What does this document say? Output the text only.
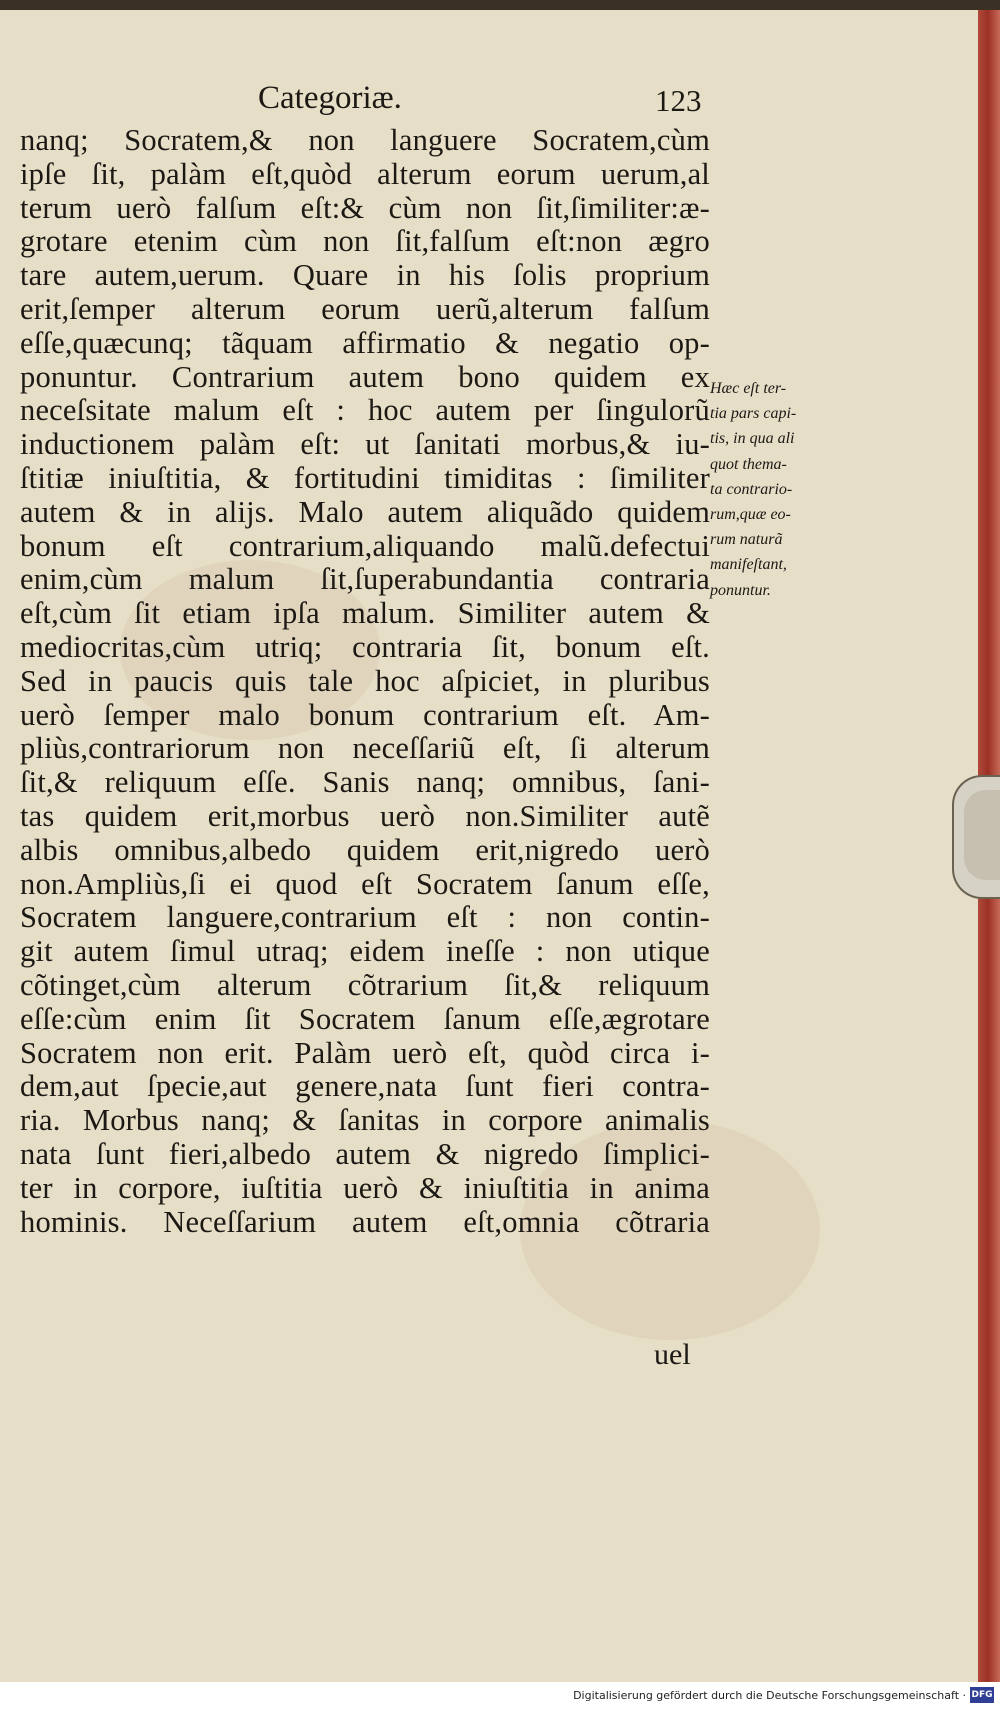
Categoriæ.	123
nanq; Socratem,& non languere Socratem,cùm
ipſe ſit, palàm eſt,quòd alterum eorum uerum,al
terum uerò falſum eſt:& cùm non ſit,ſimiliter:æ-
grotare etenim cùm non ſit,falſum eſt:non ægro
tare autem,uerum. Quare in his ſolis proprium
erit,ſemper alterum eorum uerũ,alterum falſum
eſſe,quæcunq; tãquam affirmatio & negatio op-
ponuntur. Contrarium autem bono quidem ex
neceſsitate malum eſt : hoc autem per ſingulorũ
inductionem palàm eſt: ut ſanitati morbus,& iu-
ſtitiæ iniuſtitia, & fortitudini timiditas : ſimiliter
autem & in alijs. Malo autem aliquãdo quidem
bonum eſt contrarium,aliquando malũ.defectui
enim,cùm malum ſit,ſuperabundantia contraria
eſt,cùm ſit etiam ipſa malum. Similiter autem &
mediocritas,cùm utriq; contraria ſit, bonum eſt.
Sed in paucis quis tale hoc aſpiciet, in pluribus
uerò ſemper malo bonum contrarium eſt. Am-
pliùs,contrariorum non neceſſariũ eſt, ſi alterum
ſit,& reliquum eſſe. Sanis nanq; omnibus, ſani-
tas quidem erit,morbus uerò non.Similiter autẽ
albis omnibus,albedo quidem erit,nigredo uerò
non.Ampliùs,ſi ei quod eſt Socratem ſanum eſſe,
Socratem languere,contrarium eſt : non contin-
git autem ſimul utraq; eidem ineſſe : non utique
cõtinget,cùm alterum cõtrarium ſit,& reliquum
eſſe:cùm enim ſit Socratem ſanum eſſe,ægrotare
Socratem non erit. Palàm uerò eſt, quòd circa i-
dem,aut ſpecie,aut genere,nata ſunt fieri contra-
ria. Morbus nanq; & ſanitas in corpore animalis
nata ſunt fieri,albedo autem & nigredo ſimplici-
ter in corpore, iuſtitia uerò & iniuſtitia in anima
hominis. Neceſſarium autem eſt,omnia cõtraria
uel
Hæc eſt ter-
tia pars capi-
tis, in qua ali
quot thema-
ta contrario-
rum,quæ eo-
rum naturã
manifeſtant,
ponuntur.
Digitalisierung gefördert durch die Deutsche Forschungsgemeinschaft · DFG
